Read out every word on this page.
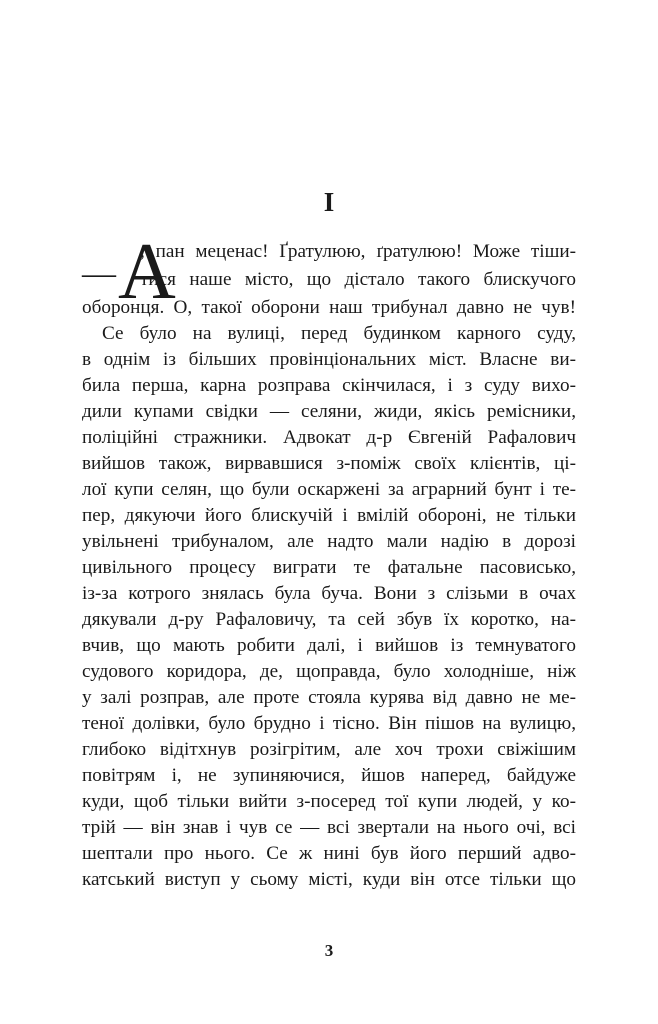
I
— А
, пан меценас! Ґратулюю, ґратулюю! Може тіши-
тися наше місто, що дістало такого блискучого
оборонця. О, такої оборони наш трибунал давно не чув!
Се було на вулиці, перед будинком карного суду,
в однім із більших провінціональних міст. Власне ви-
била перша, карна розправа скінчилася, і з суду вихо-
дили купами свідки — селяни, жиди, якісь ремісники,
поліційні стражники. Адвокат д-р Євгеній Рафалович
вийшов також, вирвавшися з-поміж своїх клієнтів, ці-
лої купи селян, що були оскаржені за аграрний бунт і те-
пер, дякуючи його блискучій і вмілій обороні, не тільки
увільнені трибуналом, але надто мали надію в дорозі
цивільного процесу виграти те фатальне пасовисько,
із-за котрого знялась була буча. Вони з слізьми в очах
дякували д-ру Рафаловичу, та сей збув їх коротко, на-
вчив, що мають робити далі, і вийшов із темнуватого
судового коридора, де, щоправда, було холодніше, ніж
у залі розправ, але проте стояла курява від давно не ме-
теної долівки, було брудно і тісно. Він пішов на вулицю,
глибоко відітхнув розігрітим, але хоч трохи свіжішим
повітрям і, не зупиняючися, йшов наперед, байдуже
куди, щоб тільки вийти з-посеред тої купи людей, у ко-
трій — він знав і чув се — всі звертали на нього очі, всі
шептали про нього. Се ж нині був його перший адво-
катський виступ у сьому місті, куди він отсе тільки що
3
